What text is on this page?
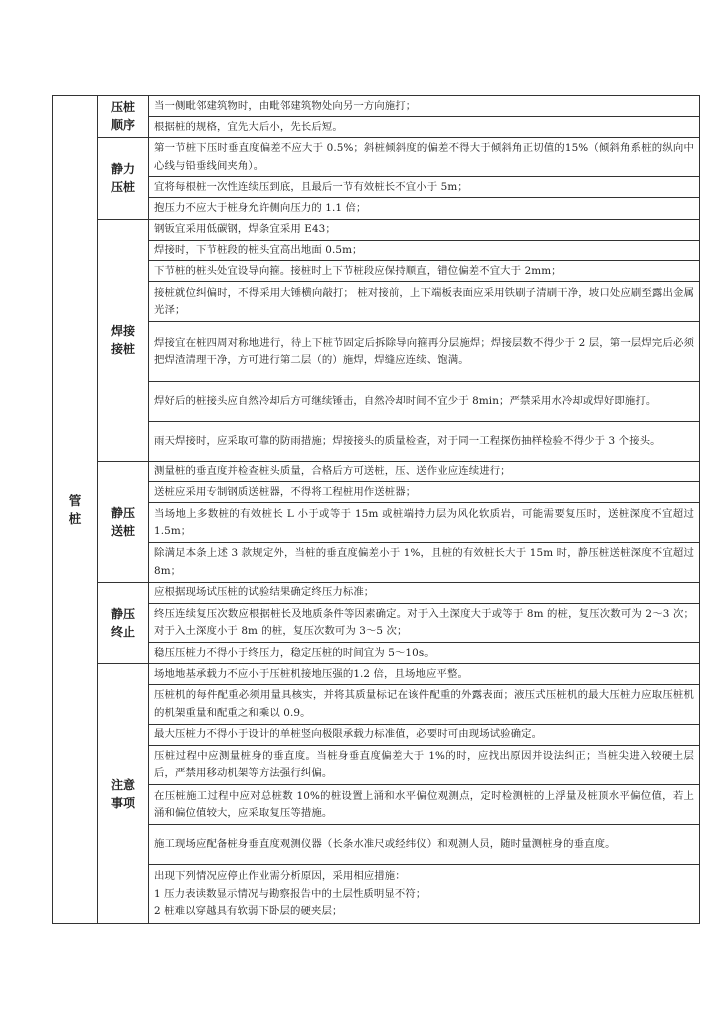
管桩	压桩顺序	当一侧毗邻建筑物时，由毗邻建筑物处向另一方向施打；

		根据桩的规格，宜先大后小，先长后短。

	静力压桩	第一节桩下压时垂直度偏差不应大于 0.5%；斜桩倾斜度的偏差不得大于倾斜角正切值的15%（倾斜角系桩的纵向中心线与铅垂线间夹角）。

		宜将每根桩一次性连续压到底，且最后一节有效桩长不宜小于 5m；

		抱压力不应大于桩身允许侧向压力的 1.1 倍；

	焊接接桩	钢钣宜采用低碳钢，焊条宜采用 E43；

		焊接时，下节桩段的桩头宜高出地面 0.5m；

		下节桩的桩头处宜设导向箍。接桩时上下节桩段应保持顺直，错位偏差不宜大于 2mm；

		接桩就位纠偏时，不得采用大锤横向敲打； 桩对接前，上下端板表面应采用铁刷子清刷干净，坡口处应刷至露出金属光泽；

		焊接宜在桩四周对称地进行，待上下桩节固定后拆除导向箍再分层施焊；焊接层数不得少于 2 层，第一层焊完后必须把焊渣清理干净，方可进行第二层（的）施焊，焊缝应连续、饱满。

		焊好后的桩接头应自然冷却后方可继续锤击，自然冷却时间不宜少于 8min；严禁采用水冷却或焊好即施打。

		雨天焊接时，应采取可靠的防雨措施；焊接接头的质量检查，对于同一工程探伤抽样检验不得少于 3 个接头。

	静压送桩	测量桩的垂直度并检查桩头质量，合格后方可送桩，压、送作业应连续进行；

		送桩应采用专制钢质送桩器，不得将工程桩用作送桩器；

		当场地上多数桩的有效桩长 L 小于或等于 15m 或桩端持力层为风化软质岩，可能需要复压时，送桩深度不宜超过 1.5m；

		除满足本条上述 3 款规定外，当桩的垂直度偏差小于 1%，且桩的有效桩长大于 15m 时，静压桩送桩深度不宜超过 8m；

	静压终止	应根据现场试压桩的试验结果确定终压力标准；

		终压连续复压次数应根据桩长及地质条件等因素确定。对于入土深度大于或等于 8m 的桩，复压次数可为 2～3 次；对于入土深度小于 8m 的桩，复压次数可为 3～5 次；

		稳压压桩力不得小于终压力，稳定压桩的时间宜为 5～10s。

	注意事项	场地地基承载力不应小于压桩机接地压强的1.2 倍，且场地应平整。

		压桩机的每件配重必须用量具核实，并将其质量标记在该件配重的外露表面；液压式压桩机的最大压桩力应取压桩机的机架重量和配重之和乘以 0.9。

		最大压桩力不得小于设计的单桩竖向极限承载力标准值，必要时可由现场试验确定。

		压桩过程中应测量桩身的垂直度。当桩身垂直度偏差大于 1%的时，应找出原因并设法纠正；当桩尖进入较硬土层后，严禁用移动机架等方法强行纠偏。

		在压桩施工过程中应对总桩数 10%的桩设置上涌和水平偏位观测点，定时检测桩的上浮量及桩顶水平偏位值，若上涌和偏位值较大，应采取复压等措施。

		施工现场应配备桩身垂直度观测仪器（长条水准尺或经纬仪）和观测人员，随时量测桩身的垂直度。

		出现下列情况应停止作业需分析原因，采用相应措施：
1 压力表读数显示情况与勘察报告中的土层性质明显不符；
2 桩难以穿越具有软弱下卧层的硬夹层；
